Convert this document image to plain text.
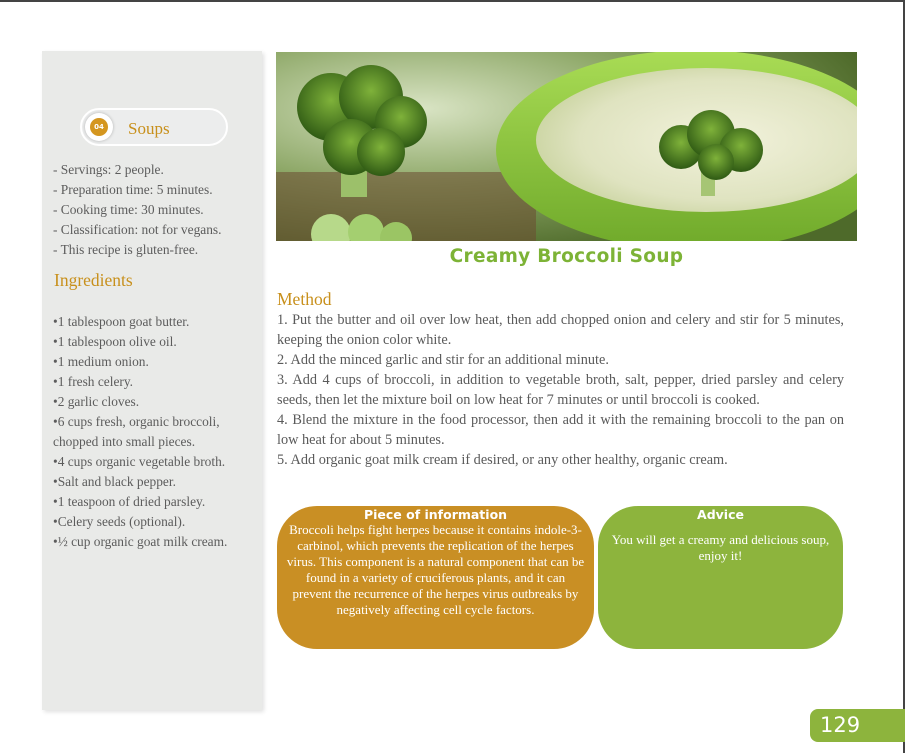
04 Soups
- Servings: 2 people.
- Preparation time: 5 minutes.
- Cooking time: 30 minutes.
- Classification: not for vegans.
- This recipe is gluten-free.
Ingredients
•1 tablespoon goat butter.
•1 tablespoon olive oil.
•1 medium onion.
•1 fresh celery.
•2 garlic cloves.
•6 cups fresh, organic broccoli, chopped into small pieces.
•4 cups organic vegetable broth.
•Salt and black pepper.
•1 teaspoon of dried parsley.
•Celery seeds (optional).
•½ cup organic goat milk cream.
Creamy Broccoli Soup
Method
1. Put the butter and oil over low heat, then add chopped onion and celery and stir for 5 minutes, keeping the onion color white.
2. Add the minced garlic and stir for an additional minute.
3. Add 4 cups of broccoli, in addition to vegetable broth, salt, pepper, dried parsley and celery seeds, then let the mixture boil on low heat for 7 minutes or until broccoli is cooked.
4. Blend the mixture in the food processor, then add it with the remaining broccoli to the pan on low heat for about 5 minutes.
5. Add organic goat milk cream if desired, or any other healthy, organic cream.
Piece of information
Broccoli helps fight herpes because it contains indole-3-carbinol, which prevents the replication of the herpes virus. This component is a natural component that can be found in a variety of cruciferous plants, and it can prevent the recurrence of the herpes virus outbreaks by negatively affecting cell cycle factors.
Advice
You will get a creamy and delicious soup, enjoy it!
129
